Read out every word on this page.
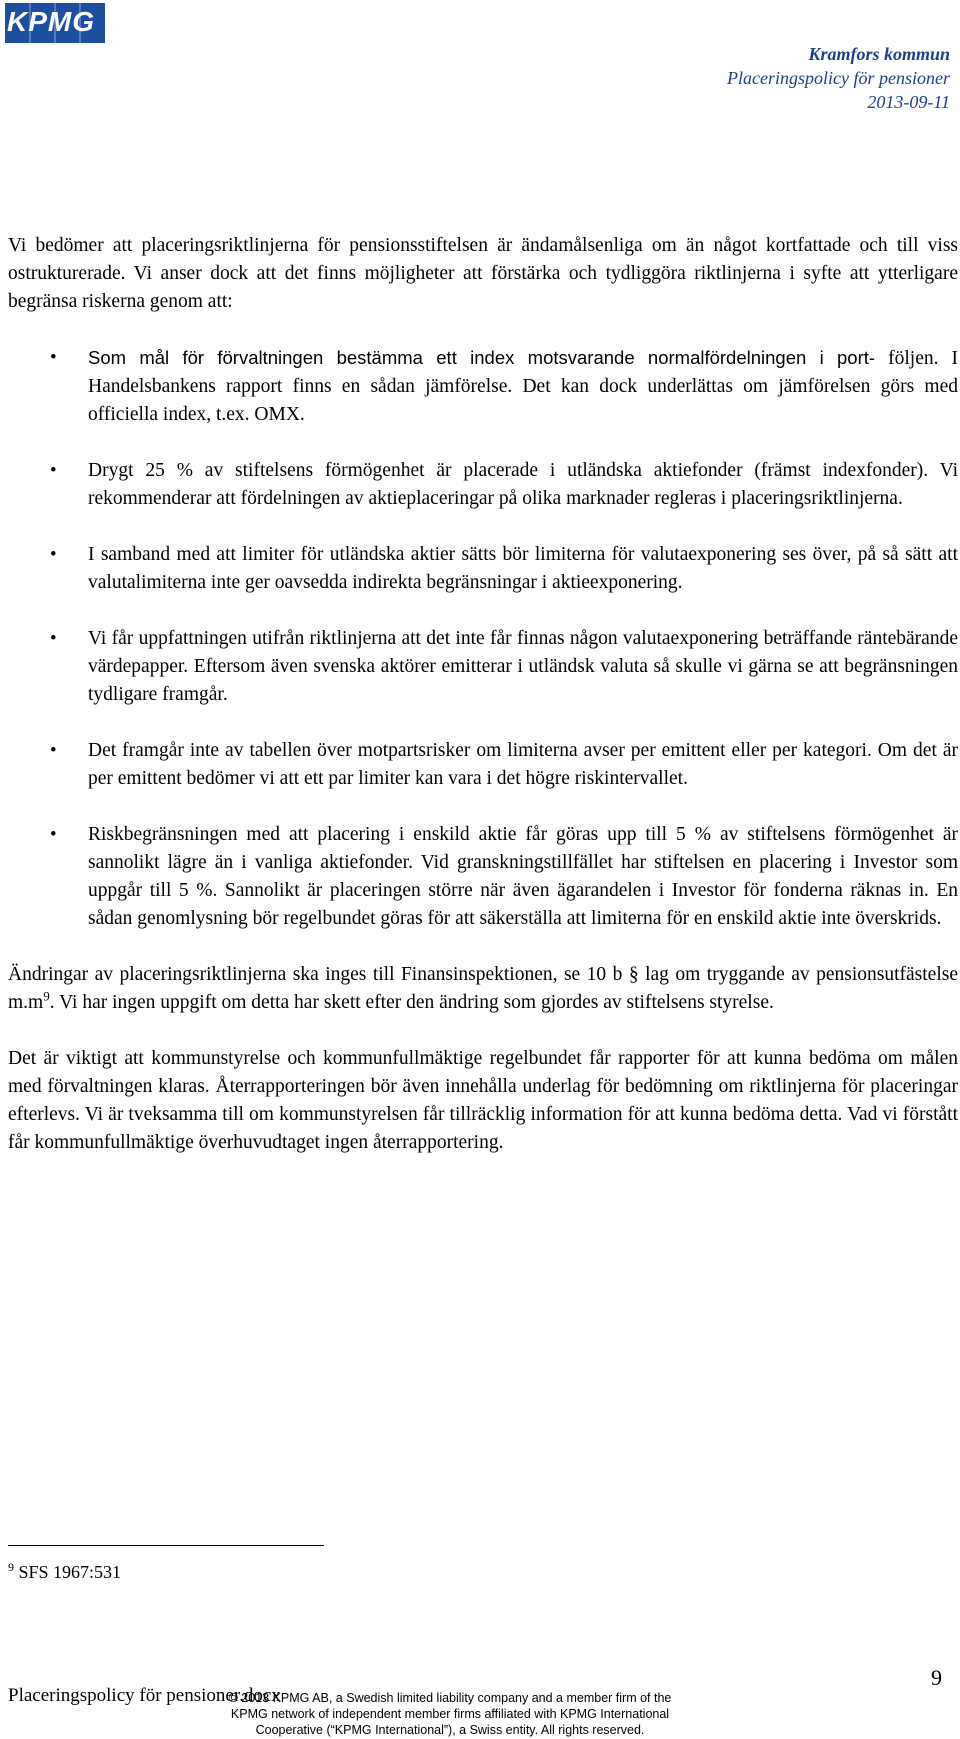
KPMG
Kramfors kommun
Placeringspolicy för pensioner
2013-09-11

Vi bedömer att placeringsriktlinjerna för pensionsstiftelsen är ändamålsenliga om än något kortfattade och till viss ostrukturerade. Vi anser dock att det finns möjligheter att förstärka och tydliggöra riktlinjerna i syfte att ytterligare begränsa riskerna genom att:

• Som mål för förvaltningen bestämma ett index motsvarande normalfördelningen i port- följen. I Handelsbankens rapport finns en sådan jämförelse. Det kan dock underlättas om jämförelsen görs med officiella index, t.ex. OMX.
• Drygt 25 % av stiftelsens förmögenhet är placerade i utländska aktiefonder (främst indexfonder). Vi rekommenderar att fördelningen av aktieplaceringar på olika marknader regleras i placeringsriktlinjerna.
• I samband med att limiter för utländska aktier sätts bör limiterna för valutaexponering ses över, på så sätt att valutalimiterna inte ger oavsedda indirekta begränsningar i aktieexponering.
• Vi får uppfattningen utifrån riktlinjerna att det inte får finnas någon valutaexponering beträffande räntebärande värdepapper. Eftersom även svenska aktörer emitterar i utländsk valuta så skulle vi gärna se att begränsningen tydligare framgår.
• Det framgår inte av tabellen över motpartsrisker om limiterna avser per emittent eller per kategori. Om det är per emittent bedömer vi att ett par limiter kan vara i det högre riskintervallet.
• Riskbegränsningen med att placering i enskild aktie får göras upp till 5 % av stiftelsens förmögenhet är sannolikt lägre än i vanliga aktiefonder. Vid granskningstillfället har stiftelsen en placering i Investor som uppgår till 5 %. Sannolikt är placeringen större när även ägarandelen i Investor för fonderna räknas in. En sådan genomlysning bör regelbundet göras för att säkerställa att limiterna för en enskild aktie inte överskrids.

Ändringar av placeringsriktlinjerna ska inges till Finansinspektionen, se 10 b § lag om tryggande av pensionsutfästelse $m.m^9$. Vi har ingen uppgift om detta har skett efter den ändring som gjordes av stiftelsens styrelse.

Det är viktigt att kommunstyrelse och kommunfullmäktige regelbundet får rapporter för att kunna bedöma om målen med förvaltningen klaras. Återrapporteringen bör även innehålla underlag för bedömning om riktlinjerna för placeringar efterlevs. Vi är tveksamma till om kommunstyrelsen får tillräcklig information för att kunna bedöma detta. Vad vi förstått får kommunfullmäktige överhuvudtaget ingen återrapportering.

$^9$ SFS 1967:531
Placeringspolicy för pensioner.docx
9
© 2013 KPMG AB, a Swedish limited liability company and a member firm of the
KPMG network of independent member firms affiliated with KPMG International
Cooperative (“KPMG International”), a Swiss entity. All rights reserved.
